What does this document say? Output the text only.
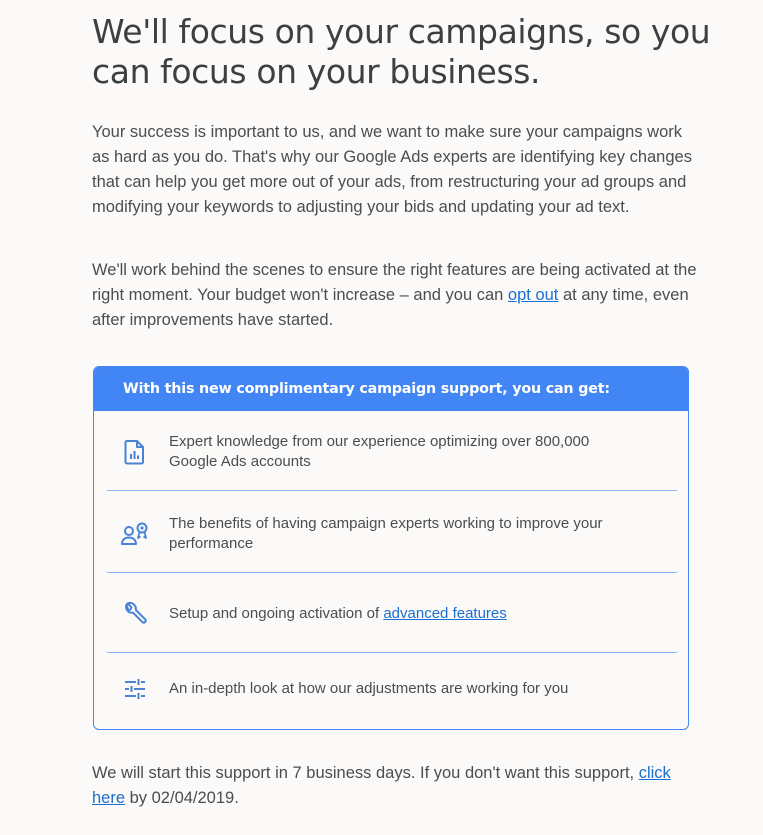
We'll focus on your campaigns, so you can focus on your business.

Your success is important to us, and we want to make sure your campaigns work as hard as you do. That's why our Google Ads experts are identifying key changes that can help you get more out of your ads, from restructuring your ad groups and modifying your keywords to adjusting your bids and updating your ad text.

We'll work behind the scenes to ensure the right features are being activated at the right moment. Your budget won't increase – and you can opt out at any time, even after improvements have started.

With this new complimentary campaign support, you can get:
Expert knowledge from our experience optimizing over 800,000 Google Ads accounts
The benefits of having campaign experts working to improve your performance
Setup and ongoing activation of advanced features
An in-depth look at how our adjustments are working for you

We will start this support in 7 business days. If you don't want this support, click here by 02/04/2019.
